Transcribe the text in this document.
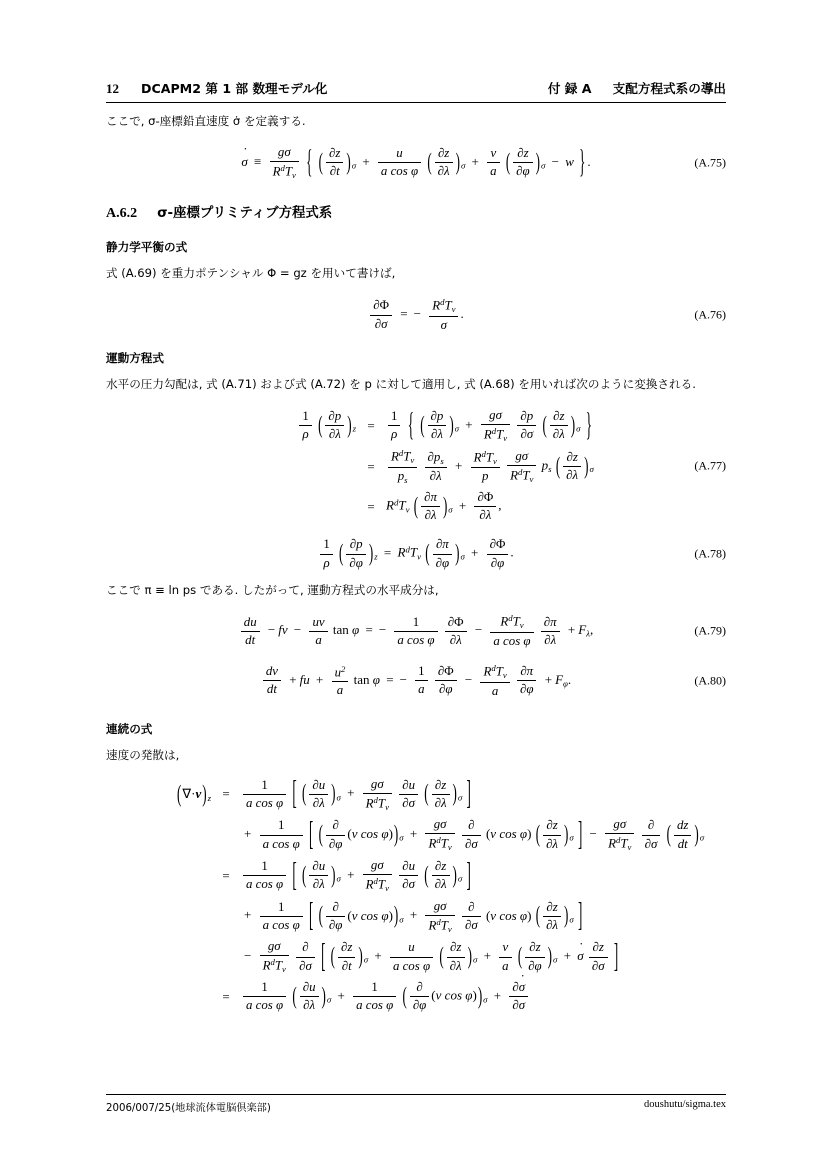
12 DCAPM2 第 1 部 数理モデル化	付 録 A 支配方程式系の導出
ここで, σ-座標鉛直速度 σ̇ を定義する.
σ ˙ ≡ $\frac{g\sigma}{R^dT_v}$ { ( $\frac{\partial z}{\partial t} )_\sigma + \frac{u}{\text{a cos φ}}$ ( $\frac{\partial z}{\partial\lambda} )_\sigma + \frac{v}{a}$ ( $\frac{\partial z}{\partial\varphi} )_\sigma - w$ } .	(A.75)
A.6.2 σ-座標プリミティブ方程式系
静力学平衡の式
式 (A.69) を重力ポテンシャル Φ = gz を用いて書けば,
$\frac{\partial\Phi}{\partial\sigma}$ = − $\frac{R^dT_v}{\sigma}$ .	(A.76)
運動方程式
水平の圧力勾配は, 式 (A.71) および式 (A.72) を p に対して適用し, 式 (A.68) を用いれば次のように変換される.
$\frac{1}{\rho}$ ( $\frac{\partial p}{\partial\lambda} )_z$ =	$\frac{1}{\rho}$ { ( $\frac{\partial p}{\partial\lambda} )_\sigma + \frac{g\sigma}{R^dT_v}$
$\frac{\partial p}{\partial\sigma}$ ( $\frac{\partial z}{\partial\lambda} )_\sigma$ }
=	$\frac{R^dT_v}{p_s}$
$\frac{\partial p_s}{\partial\lambda} + \frac{R^dT_v}{p}$
$\frac{g\sigma}{R^dT_v} p_s$ ( $\frac{\partial z}{\partial\lambda} )_\sigma$
= $R^dT_v$ ( $\frac{\partial\pi}{\partial\lambda} )_\sigma + \frac{\partial\Phi}{\partial\lambda}$ ,
(A.77)
$\frac{1}{\rho}$ ( $\frac{\partial p}{\partial\varphi} )_z = R^dT_v$ ( $\frac{\partial\pi}{\partial\varphi} )_\sigma + \frac{\partial\Phi}{\partial\varphi}$ .	(A.78)
ここで π ≡ ln ps である. したがって, 運動方程式の水平成分は,
$\frac{du}{dt}$ − fv − $\frac{uv}{a}$ tan φ = − $\frac{1}{\text{a cos φ}}$
$\frac{\partial\Phi}{\partial\lambda} - \frac{R^dT_v}{\text{a cos φ}}$
$\frac{\partial\pi}{\partial\lambda} + F_\lambda$,	(A.79)
$\frac{dv}{dt}$ + fu + $\frac{u^2}{a}$ tan φ = − $\frac{1}{a}$
$\frac{\partial\Phi}{\partial\varphi} - \frac{R^dT_v}{a}$
$\frac{\partial\pi}{\partial\varphi} + F_\varphi$.	(A.80)
連続の式
速度の発散は,
$(\nabla\cdot v)_z$ =	$\frac{1}{\text{a cos φ}}$ [ ( $\frac{\partial u}{\partial\lambda} )_\sigma + \frac{g\sigma}{R^dT_v}$
$\frac{\partial u}{\partial\sigma}$ ( $\frac{\partial z}{\partial\lambda} )_\sigma$ ]
+ $\frac{1}{\text{a cos φ}}$ [ ( $\frac{\partial}{\partial\varphi} (v$ $\cos \varphi))_\sigma + \frac{g\sigma}{R^dT_v}$
$\frac{\partial}{\partial\sigma} (v$ cos φ) ( $\frac{\partial z}{\partial\lambda} )_\sigma$ ] − $\frac{g\sigma}{R^dT_v}$
$\frac{\partial}{\partial\sigma}$ ( $\frac{dz}{dt} )_\sigma$
=	$\frac{1}{\text{a cos φ}}$ [ ( $\frac{\partial u}{\partial\lambda} )_\sigma + \frac{g\sigma}{R^dT_v}$
$\frac{\partial u}{\partial\sigma}$ ( $\frac{\partial z}{\partial\lambda} )_\sigma$ ]
+ $\frac{1}{\text{a cos φ}}$ [ ( $\frac{\partial}{\partial\varphi} (v$ $\cos \varphi))_\sigma + \frac{g\sigma}{R^dT_v}$
$\frac{\partial}{\partial\sigma} (v$ cos φ) ( $\frac{\partial z}{\partial\lambda} )_\sigma$ ]
− $\frac{g\sigma}{R^dT_v}$
$\frac{\partial}{\partial\sigma}$ [ ( $\frac{\partial z}{\partial t} )_\sigma + \frac{u}{\text{a cos φ}}$ ( $\frac{\partial z}{\partial\lambda} )_\sigma + \frac{v}{a}$ ( $\frac{\partial z}{\partial\varphi} )_\sigma + \sigma$ ˙ $\frac{\partial z}{\partial\sigma}$ ]
=	$\frac{1}{\text{a cos φ}}$ ( $\frac{\partial u}{\partial\lambda} )_\sigma + \frac{1}{\text{a cos φ}}$ ( $\frac{\partial}{\partial\varphi} (v$ $\cos \varphi))_\sigma + \frac{\partial\sigma ˙}{\partial\sigma}$
2006/007/25(地球流体電脳倶楽部)	doushutu/sigma.tex
